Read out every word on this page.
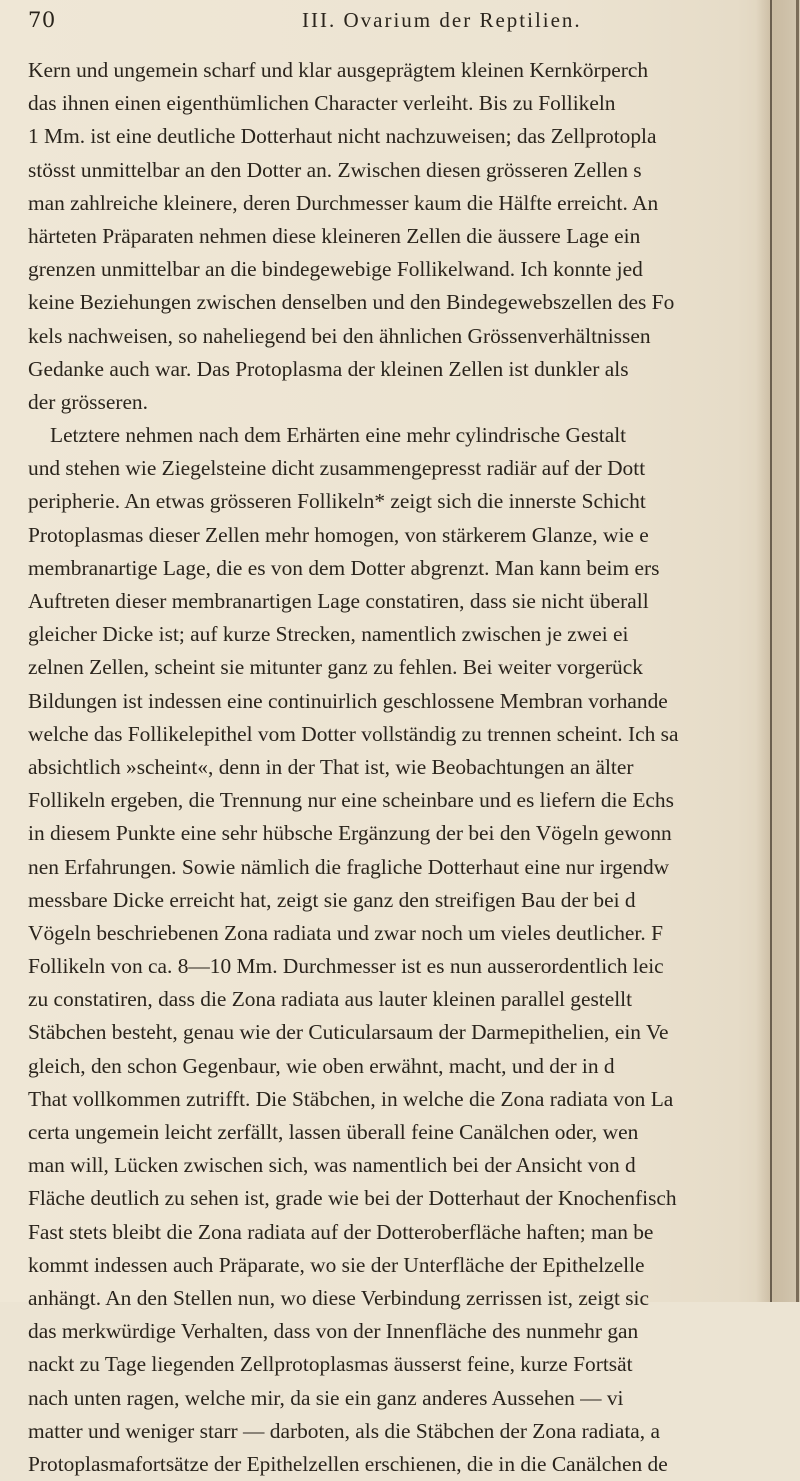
70	III. Ovarium der Reptilien.
Kern und ungemein scharf und klar ausgeprägtem kleinen Kernkörperch
das ihnen einen eigenthümlichen Character verleiht. Bis zu Follikeln
1 Mm. ist eine deutliche Dotterhaut nicht nachzuweisen; das Zellprotopla
stösst unmittelbar an den Dotter an. Zwischen diesen grösseren Zellen s
man zahlreiche kleinere, deren Durchmesser kaum die Hälfte erreicht. An
härteten Präparaten nehmen diese kleineren Zellen die äussere Lage ein
grenzen unmittelbar an die bindegewebige Follikelwand. Ich konnte jed
keine Beziehungen zwischen denselben und den Bindegewebszellen des Fo
kels nachweisen, so naheliegend bei den ähnlichen Grössenverhältnissen
Gedanke auch war. Das Protoplasma der kleinen Zellen ist dunkler als
der grösseren.
Letztere nehmen nach dem Erhärten eine mehr cylindrische Gestalt
und stehen wie Ziegelsteine dicht zusammengepresst radiär auf der Dott
peripherie. An etwas grösseren Follikeln* zeigt sich die innerste Schicht
Protoplasmas dieser Zellen mehr homogen, von stärkerem Glanze, wie e
membranartige Lage, die es von dem Dotter abgrenzt. Man kann beim ers
Auftreten dieser membranartigen Lage constatiren, dass sie nicht überall
gleicher Dicke ist; auf kurze Strecken, namentlich zwischen je zwei ei
zelnen Zellen, scheint sie mitunter ganz zu fehlen. Bei weiter vorgerück
Bildungen ist indessen eine continuirlich geschlossene Membran vorhande
welche das Follikelepithel vom Dotter vollständig zu trennen scheint. Ich sa
absichtlich »scheint«, denn in der That ist, wie Beobachtungen an älter
Follikeln ergeben, die Trennung nur eine scheinbare und es liefern die Echs
in diesem Punkte eine sehr hübsche Ergänzung der bei den Vögeln gewonn
nen Erfahrungen. Sowie nämlich die fragliche Dotterhaut eine nur irgendw
messbare Dicke erreicht hat, zeigt sie ganz den streifigen Bau der bei d
Vögeln beschriebenen Zona radiata und zwar noch um vieles deutlicher. F
Follikeln von ca. 8—10 Mm. Durchmesser ist es nun ausserordentlich leic
zu constatiren, dass die Zona radiata aus lauter kleinen parallel gestellt
Stäbchen besteht, genau wie der Cuticularsaum der Darmepithelien, ein Ve
gleich, den schon Gegenbaur, wie oben erwähnt, macht, und der in d
That vollkommen zutrifft. Die Stäbchen, in welche die Zona radiata von La
certa ungemein leicht zerfällt, lassen überall feine Canälchen oder, wen
man will, Lücken zwischen sich, was namentlich bei der Ansicht von d
Fläche deutlich zu sehen ist, grade wie bei der Dotterhaut der Knochenfisch
Fast stets bleibt die Zona radiata auf der Dotteroberfläche haften; man be
kommt indessen auch Präparate, wo sie der Unterfläche der Epithelzelle
anhängt. An den Stellen nun, wo diese Verbindung zerrissen ist, zeigt sic
das merkwürdige Verhalten, dass von der Innenfläche des nunmehr gan
nackt zu Tage liegenden Zellprotoplasmas äusserst feine, kurze Fortsät
nach unten ragen, welche mir, da sie ein ganz anderes Aussehen — vi
matter und weniger starr — darboten, als die Stäbchen der Zona radiata, a
Protoplasmafortsätze der Epithelzellen erschienen, die in die Canälchen de
